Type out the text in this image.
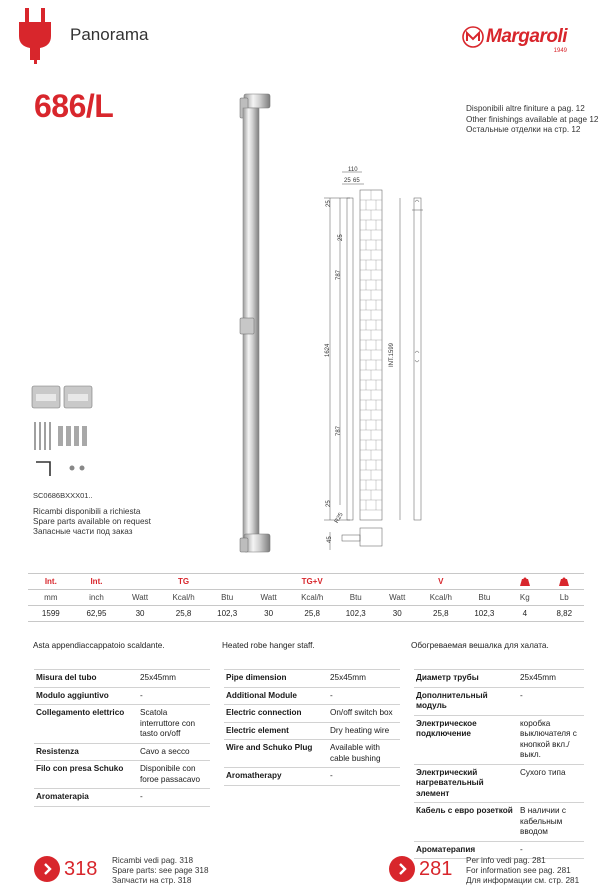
Panorama	Margaroli
1949
686/L	Disponibili altre finiture a pag. 12
Other finishings available at page 12
Остальные отделки на стр. 12
110
25 65
25
25
787
1624	INT.1599
787
25
R25
45
SC0686BXXX01..
Ricambi disponibili a richiesta
Spare parts available on request
Запасные части под заказ
Int.	Int.	TG			TG+V			V		
mm	inch	Watt	Kcal/h	Btu	Watt	Kcal/h	Btu	Watt	Kcal/h	Btu	Kg	Lb
1599	62,95	30	25,8	102,3	30	25,8	102,3	30	25,8	102,3	4	8,82
Asta appendiaccappatoio scaldante.	Heated robe hanger staff.	Обогреваемая вешалка для халата.
Misura del tubo	25x45mm
Modulo aggiuntivo	-
Collegamento elettrico	Scatola interruttore con tasto on/off
Resistenza	Cavo a secco
Filo con presa Schuko	Disponibile con foroe passacavo
Aromaterapia	-
Pipe dimension	25x45mm
Additional Module	-
Electric connection	On/off switch box
Electric element	Dry heating wire
Wire and Schuko Plug	Available with cable bushing
Aromatherapy	-
Диаметр трубы	25x45mm
Дополнительный модуль	-
Электрическое подключение	коробка выключателя с кнопкой вкл./выкл.
Электрический нагревательный элемент	Сухого типа
Кабель с евро розеткой	В наличии с кабельным вводом
Ароматерапия	-
318 Ricambi vedi pag. 318
Spare parts: see page 318
Запчасти на стр. 318
281 Per info vedi pag. 281
For information see pag. 281
Для информации см. стр. 281
